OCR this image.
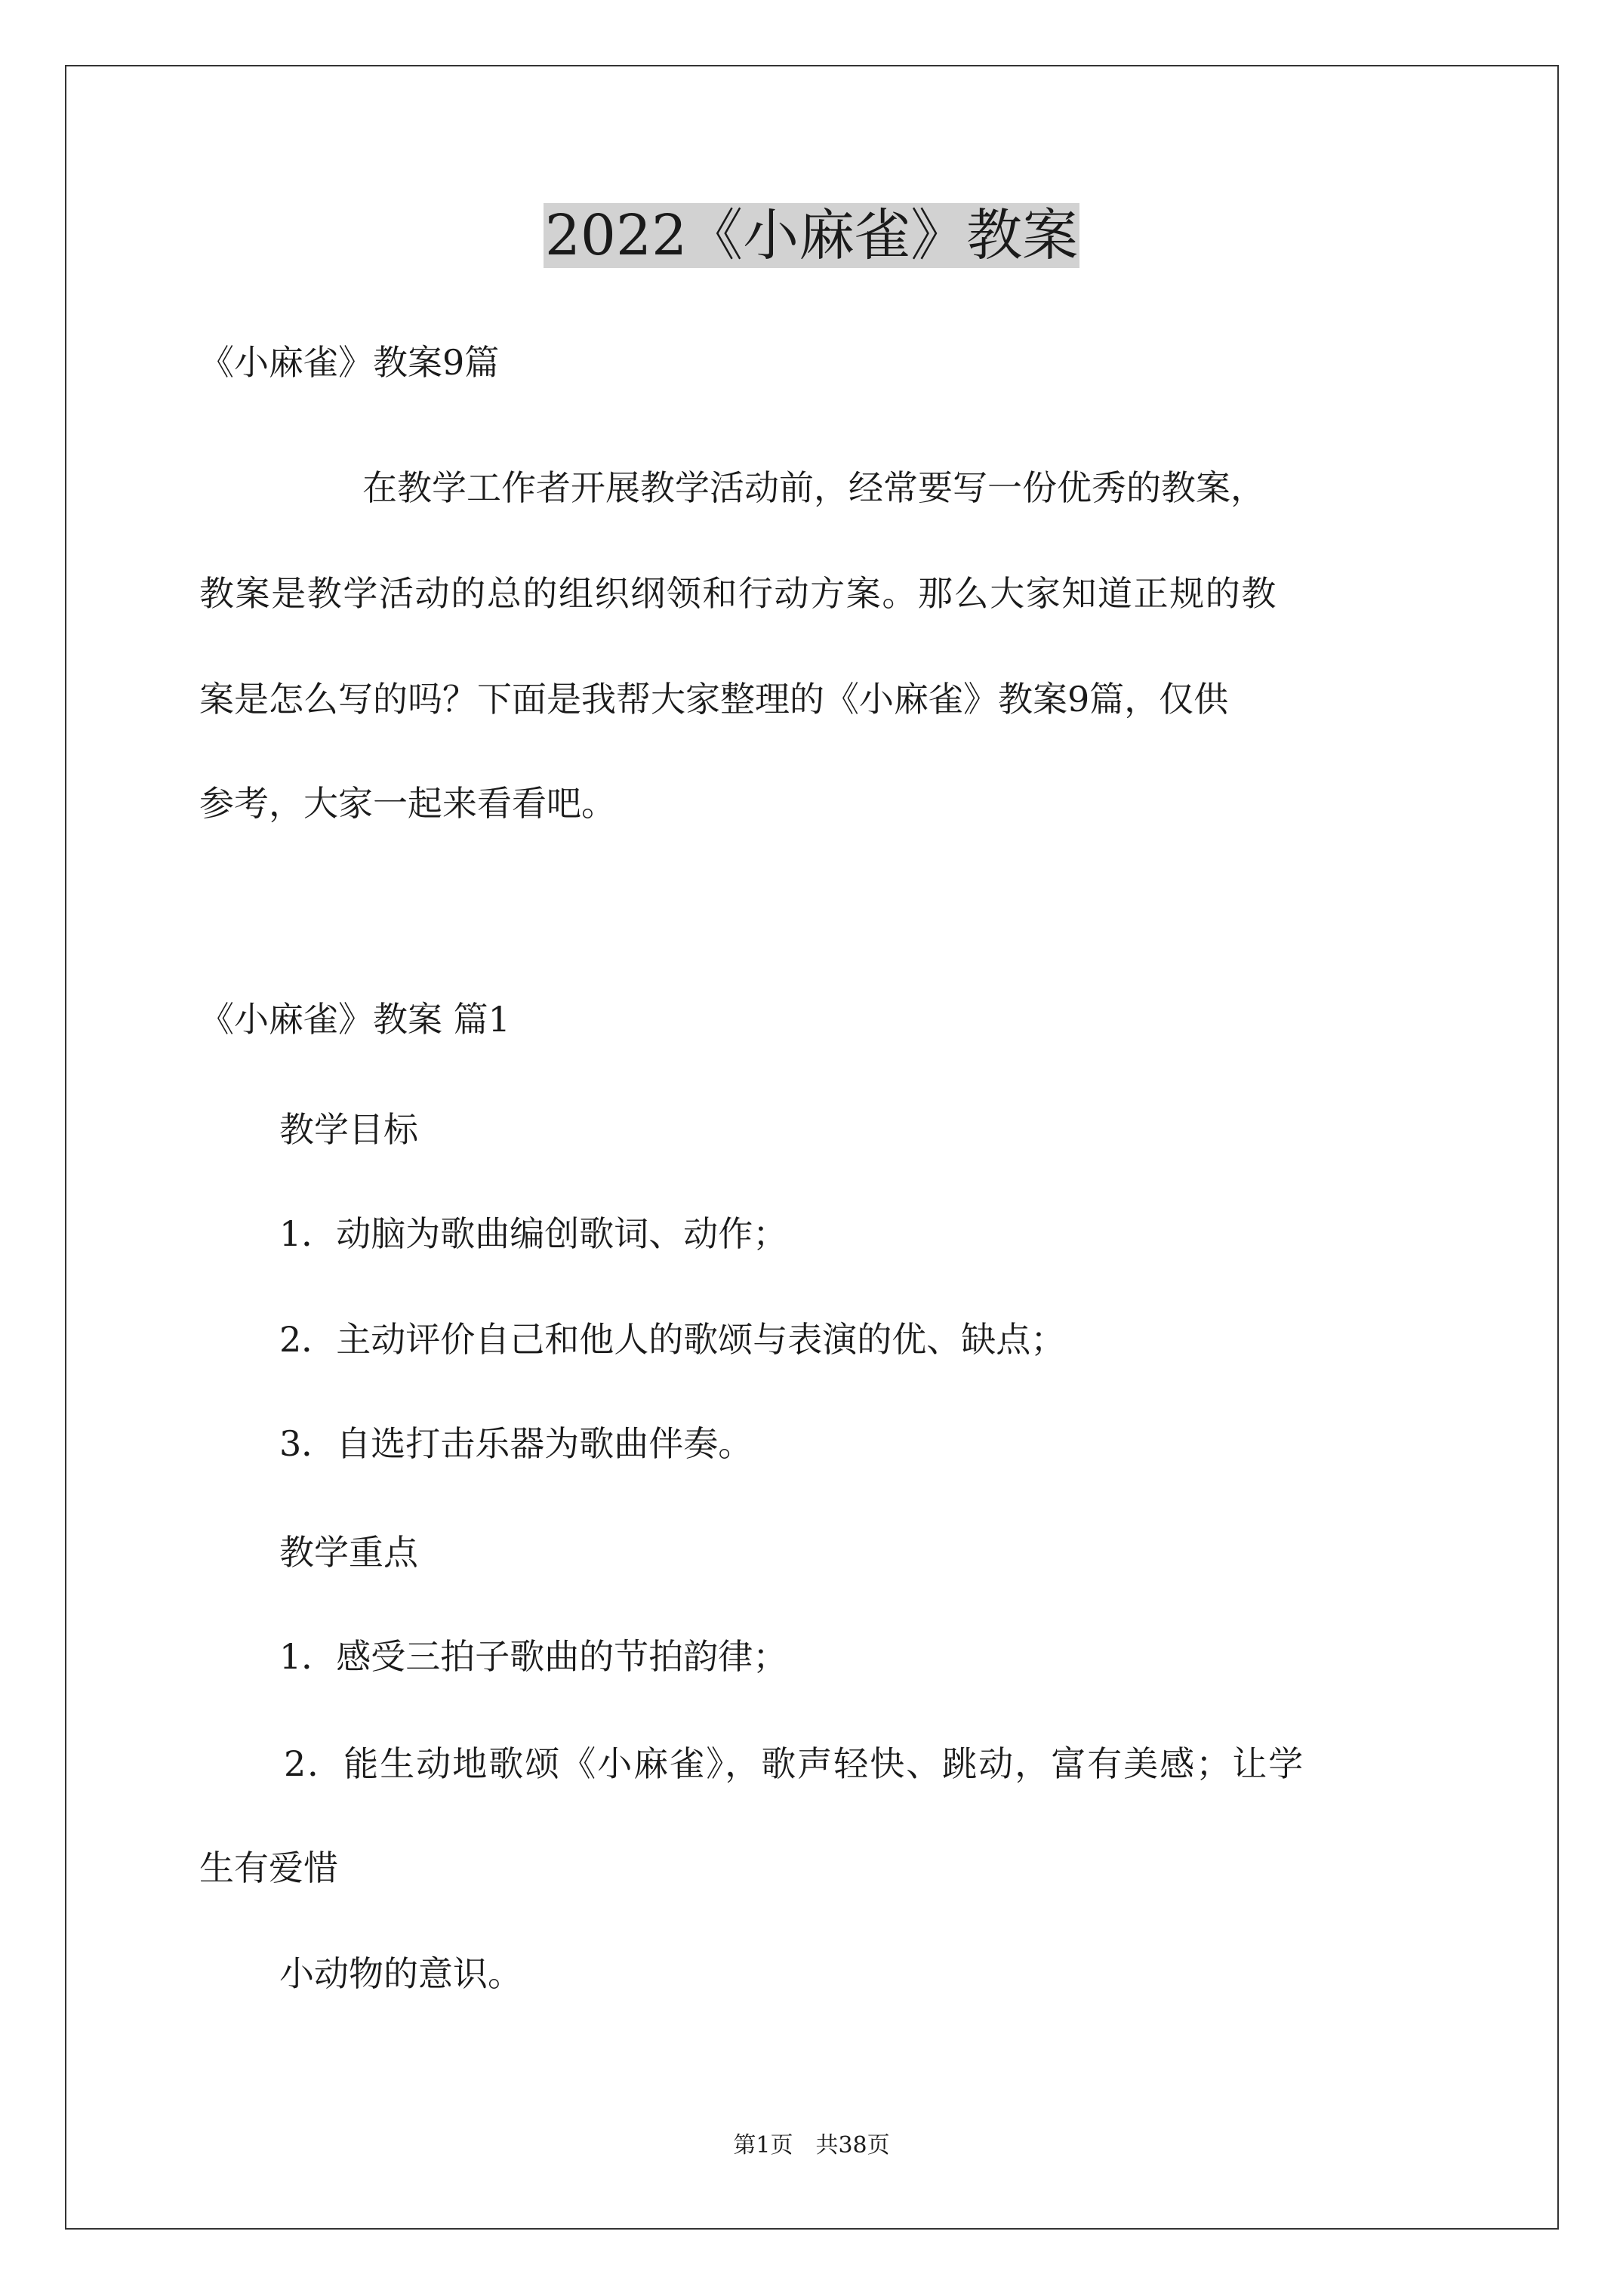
2022《小麻雀》教案

《小麻雀》教案9篇

在教学工作者开展教学活动前，经常要写一份优秀的教案，

教案是教学活动的总的组织纲领和行动方案。那么大家知道正规的教

案是怎么写的吗？下面是我帮大家整理的《小麻雀》教案9篇，仅供

参考，大家一起来看看吧。

《小麻雀》教案 篇1

教学目标

1．动脑为歌曲编创歌词、动作；

2．主动评价自己和他人的歌颂与表演的优、缺点；

3．自选打击乐器为歌曲伴奏。

教学重点

1．感受三拍子歌曲的节拍韵律；

2．能生动地歌颂《小麻雀》，歌声轻快、跳动，富有美感；让学

生有爱惜

小动物的意识。

第1页 共38页
